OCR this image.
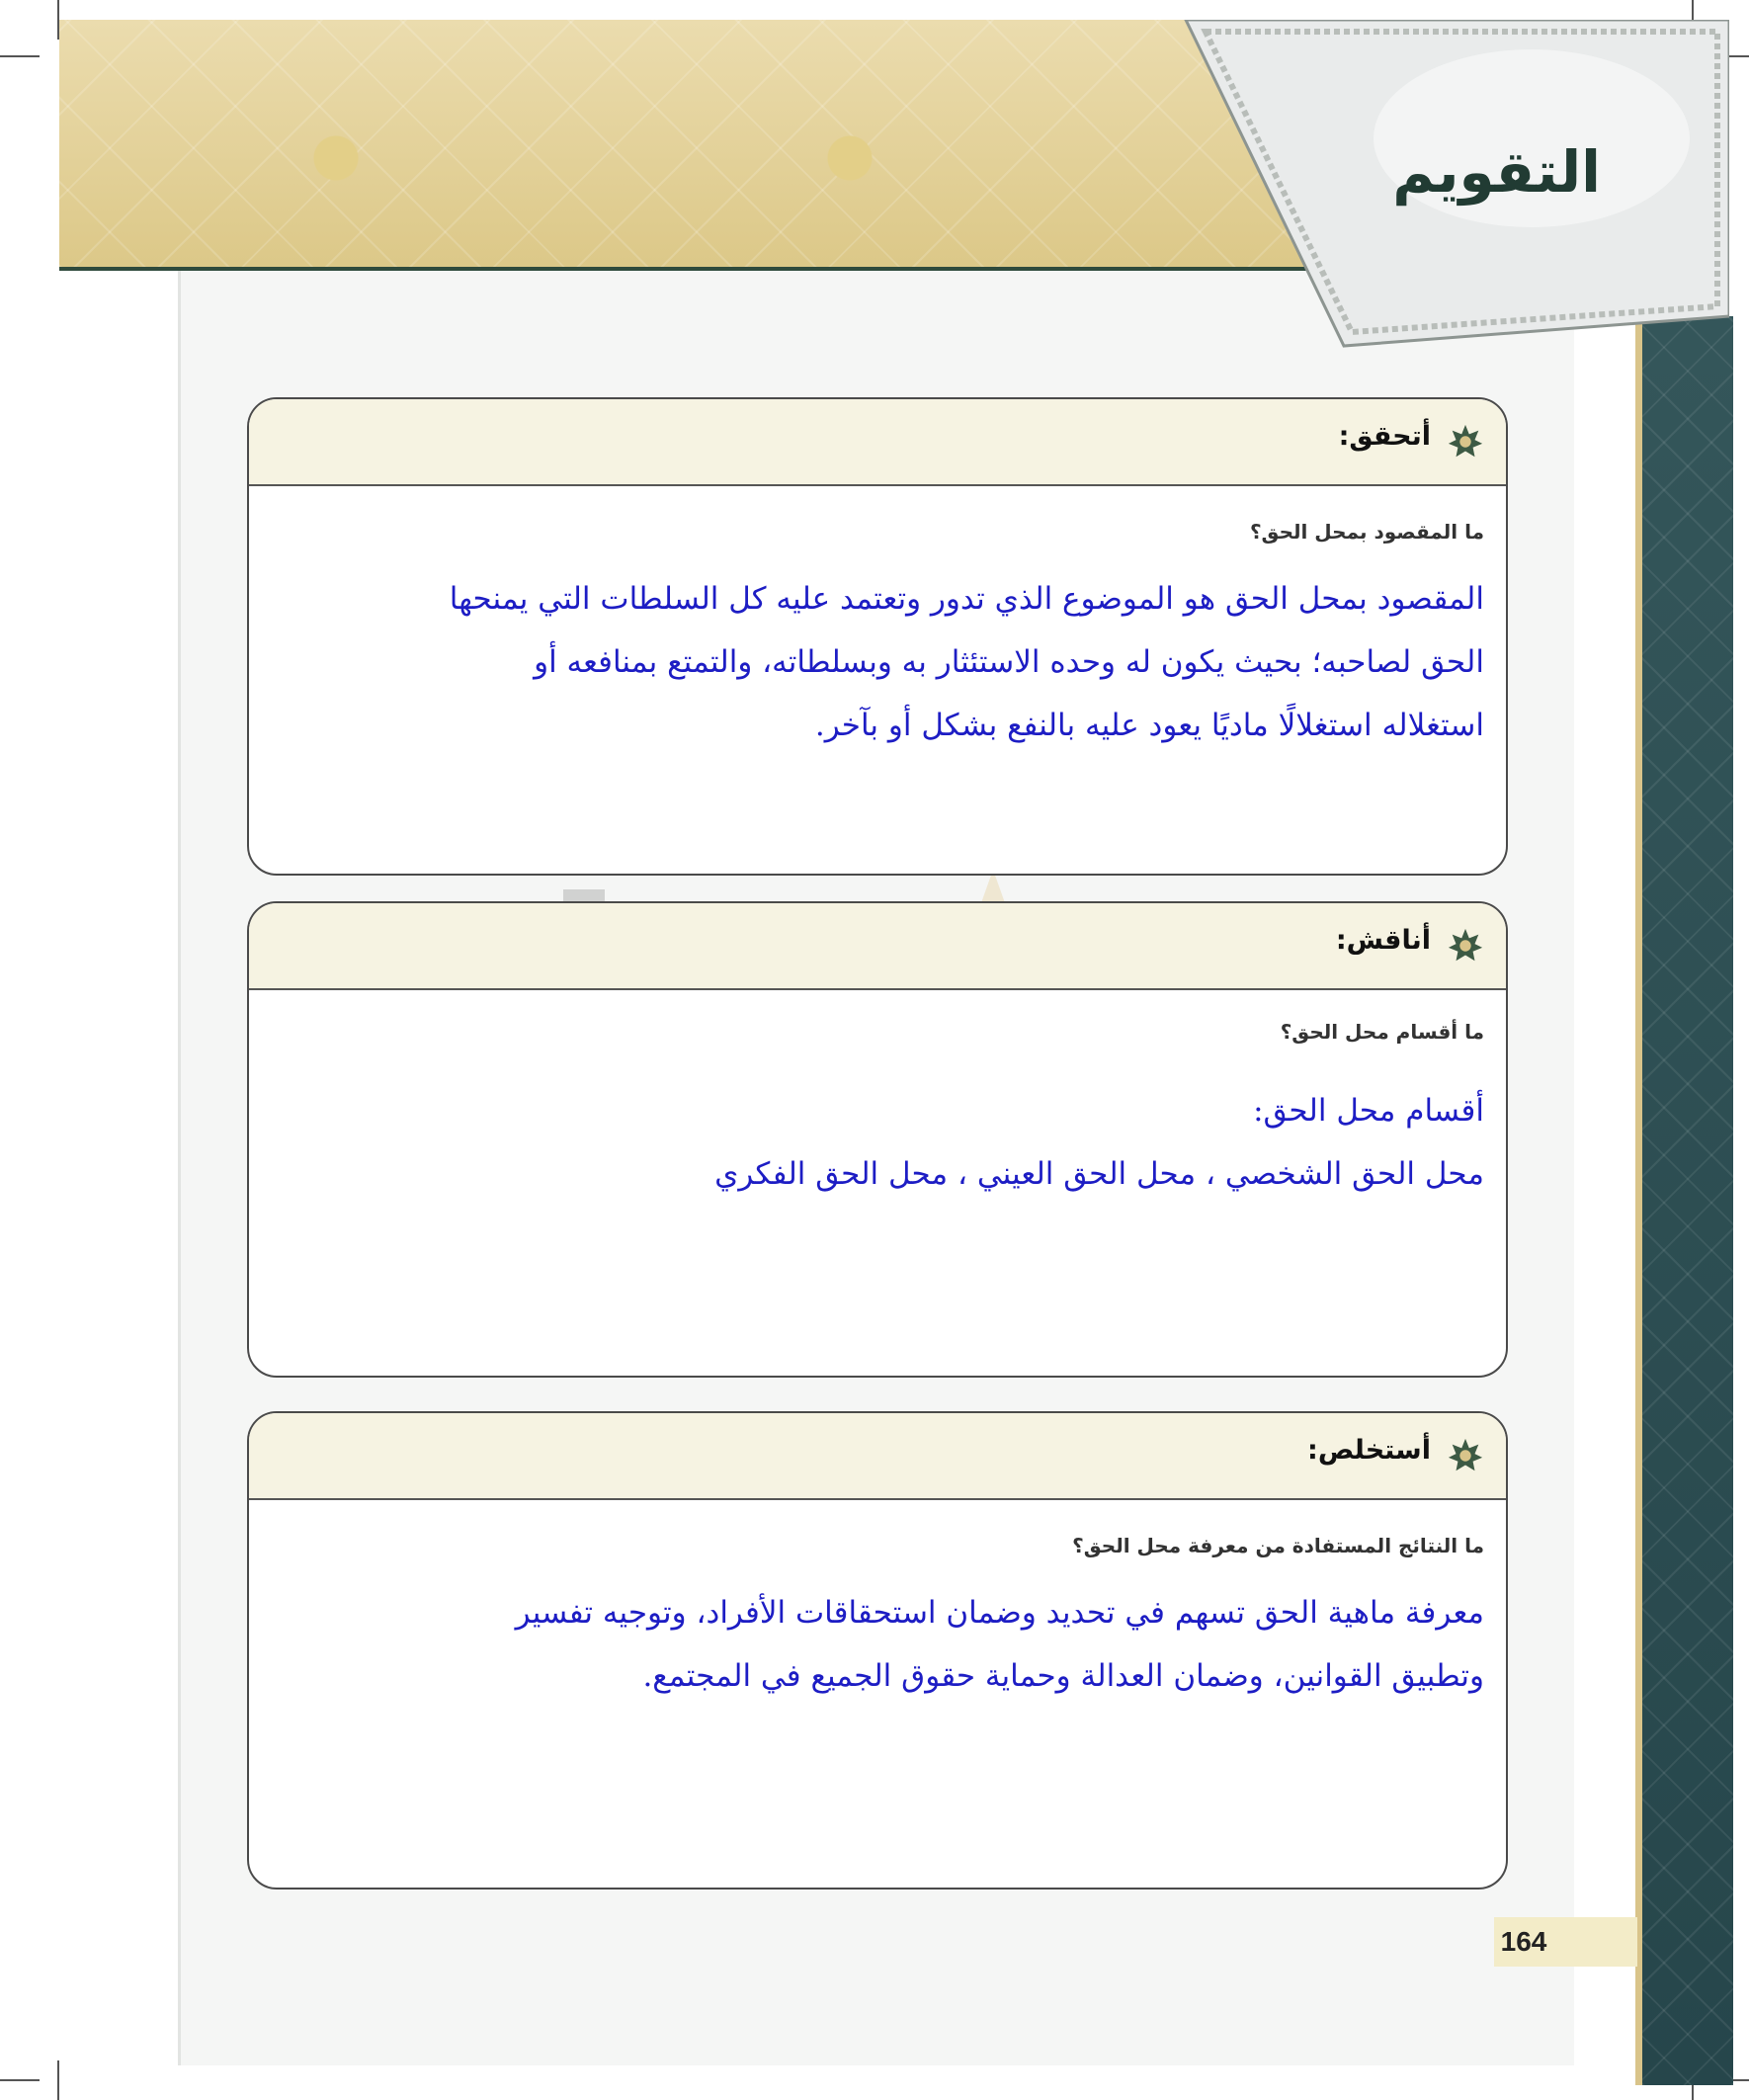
التقويم
أتحقق:
ما المقصود بمحل الحق؟
المقصود بمحل الحق هو الموضوع الذي تدور وتعتمد عليه كل السلطات التي يمنحها
الحق لصاحبه؛ بحيث يكون له وحده الاستئثار به وبسلطاته، والتمتع بمنافعه أو
استغلاله استغلالًا ماديًا يعود عليه بالنفع بشكل أو بآخر.
أناقش:
ما أقسام محل الحق؟
أقسام محل الحق:
محل الحق الشخصي ، محل الحق العيني ، محل الحق الفكري
أستخلص:
ما النتائج المستفادة من معرفة محل الحق؟
معرفة ماهية الحق تسهم في تحديد وضمان استحقاقات الأفراد، وتوجيه تفسير
وتطبيق القوانين، وضمان العدالة وحماية حقوق الجميع في المجتمع.
164
